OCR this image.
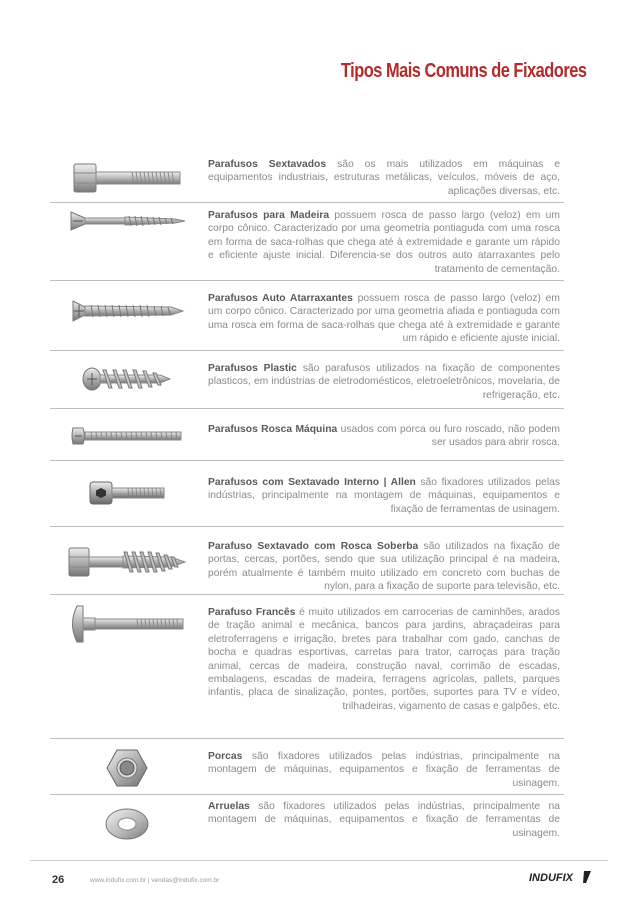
Tipos Mais Comuns de Fixadores
Parafusos Sextavados são os mais utilizados em máquinas e equipamentos industriais, estruturas metálicas, veículos, móveis de aço, aplicações diversas, etc.
Parafusos para Madeira possuem rosca de passo largo (veloz) em um corpo cônico. Caracterizado por uma geometria pontiaguda com uma rosca em forma de saca-rolhas que chega até à extremidade e garante um rápido e eficiente ajuste inicial. Diferencia-se dos outros auto atarraxantes pelo tratamento de cementação.
Parafusos Auto Atarraxantes possuem rosca de passo largo (veloz) em um corpo cônico. Caracterizado por uma geometria afiada e pontiaguda com uma rosca em forma de saca-rolhas que chega até à extremidade e garante um rápido e eficiente ajuste inicial.
Parafusos Plastic são parafusos utilizados na fixação de componentes plasticos, em indústrias de eletrodomésticos, eletroeletrônicos, movelaria, de refrigeração, etc.
Parafusos Rosca Máquina usados com porca ou furo roscado, não podem ser usados para abrir rosca.
Parafusos com Sextavado Interno | Allen são fixadores utilizados pelas indústrias, principalmente na montagem de máquinas, equipamentos e fixação de ferramentas de usinagem.
Parafuso Sextavado com Rosca Soberba são utilizados na fixação de portas, cercas, portões, sendo que sua utilização principal é na madeira, porém atualmente é também muito utilizado em concreto com buchas de nylon, para a fixação de suporte para televisão, etc.
Parafuso Francês é muito utilizados em carrocerias de caminhões, arados de tração animal e mecânica, bancos para jardins, abraçadeiras para eletroferragens e irrigação, bretes para trabalhar com gado, canchas de bocha e quadras esportivas, carretas para trator, carroças para tração animal, cercas de madeira, construção naval, corrimão de escadas, embalagens, escadas de madeira, ferragens agrícolas, pallets, parques infantis, placa de sinalização, pontes, portões, suportes para TV e vídeo, trilhadeiras, vigamento de casas e galpões, etc.
Porcas são fixadores utilizados pelas indústrias, principalmente na montagem de máquinas, equipamentos e fixação de ferramentas de usinagem.
Arruelas são fixadores utilizados pelas indústrias, principalmente na montagem de máquinas, equipamentos e fixação de ferramentas de usinagem.
26	www.indufix.com.br | vendas@indufix.com.br	INDUFIX
